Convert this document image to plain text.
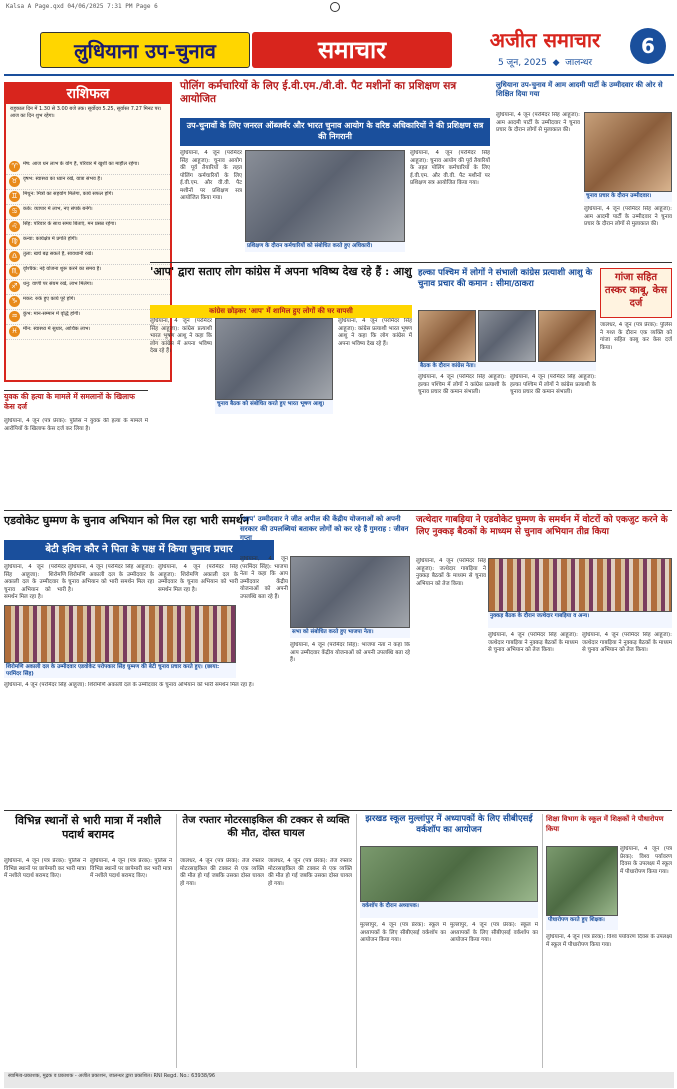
Kalsa A Page.qxd 04/06/2025 7:31 PM Page 6
लुधियाना उप-चुनाव	समाचार	अजीत समाचार
5 जून, 2025  ◆  जालन्धर
6
राशिफल
राहुकाल दिन में 1.30 से 3.00 बजे तक। सूर्योदय 5.25, सूर्यास्त 7.27 मिनट पर। आज का दिन शुभ रहेगा।
♈	मेष: आज धन लाभ के योग हैं, परिवार में खुशी का माहौल रहेगा।
♉	वृषभ: स्वास्थ्य का ध्यान रखें, यात्रा संभव है।
♊	मिथुन: मित्रों का सहयोग मिलेगा, कार्य सफल होंगे।
♋	कर्क: व्यापार में लाभ, नए संपर्क बनेंगे।
♌	सिंह: परिवार के साथ समय बिताएं, मन प्रसन्न रहेगा।
♍	कन्या: कार्यक्षेत्र में प्रगति होगी।
♎	तुला: खर्च बढ़ सकते हैं, सावधानी रखें।
♏	वृश्चिक: नई योजना शुरू करने का समय है।
♐	धनु: वाणी पर संयम रखें, लाभ मिलेगा।
♑	मकर: रुके हुए कार्य पूरे होंगे।
♒	कुंभ: मान-सम्मान में वृद्धि होगी।
♓	मीन: स्वास्थ्य में सुधार, आर्थिक लाभ।
पोलिंग कर्मचारियों के लिए ई.वी.एम./वी.वी. पैट मशीनों का प्रशिक्षण सत्र आयोजित
उप-चुनावों के लिए जनरल ऑब्जर्वर और भारत चुनाव आयोग के वरिष्ठ अधिकारियों ने की प्रशिक्षण सत्र की निगरानी
लुधियाना, 4 जून (परमिंदर सिंह आहूजा): चुनाव आयोग की पूर्व तैयारियों के तहत पोलिंग कर्मचारियों के लिए ई.वी.एम. और वी.वी. पैट मशीनों पर प्रशिक्षण सत्र आयोजित किया गया।
प्रशिक्षण के दौरान कर्मचारियों को संबोधित करते हुए अधिकारी।
लुधियाना, 4 जून (परमिंदर सिंह आहूजा): चुनाव आयोग की पूर्व तैयारियों के तहत पोलिंग कर्मचारियों के लिए ई.वी.एम. और वी.वी. पैट मशीनों पर प्रशिक्षण सत्र आयोजित किया गया।
लुधियाना उप-चुनाव में आम आदमी पार्टी के उम्मीदवार की ओर से शिक्षित दिया गया
लुधियाना, 4 जून (परमिंदर सिंह आहूजा): आम आदमी पार्टी के उम्मीदवार ने चुनाव प्रचार के दौरान लोगों से मुलाकात की।
चुनाव प्रचार के दौरान उम्मीदवार।
लुधियाना, 4 जून (परमिंदर सिंह आहूजा): आम आदमी पार्टी के उम्मीदवार ने चुनाव प्रचार के दौरान लोगों से मुलाकात की।
'आप' द्वारा सताए लोग कांग्रेस में अपना भविष्य देख रहे हैं : आशु
कांग्रेस छोड़कर 'आप' में शामिल हुए लोगों की घर वापसी
लुधियाना, 4 जून (परमिंदर सिंह आहूजा): कांग्रेस प्रत्याशी भारत भूषण आशु ने कहा कि लोग कांग्रेस में अपना भविष्य देख रहे हैं।
चुनाव बैठक को संबोधित करते हुए भारत भूषण आशु।
लुधियाना, 4 जून (परमिंदर सिंह आहूजा): कांग्रेस प्रत्याशी भारत भूषण आशु ने कहा कि लोग कांग्रेस में अपना भविष्य देख रहे हैं।
हल्का पश्चिम में लोगों ने संभाली कांग्रेस प्रत्याशी आशु के चुनाव प्रचार की कमान : सीमा/ठाकरा
बैठक के दौरान कांग्रेस नेता।
लुधियाना, 4 जून (परमिंदर सिंह आहूजा): हल्का पश्चिम में लोगों ने कांग्रेस प्रत्याशी के चुनाव प्रचार की कमान संभाली।
लुधियाना, 4 जून (परमिंदर सिंह आहूजा): हल्का पश्चिम में लोगों ने कांग्रेस प्रत्याशी के चुनाव प्रचार की कमान संभाली।
गांजा सहित तस्कर काबू, केस दर्ज
जालंधर, 4 जून (पत्र प्रेरक): पुलिस ने गश्त के दौरान एक व्यक्ति को गांजा सहित काबू कर केस दर्ज किया।
युवक की हत्या के मामले में समलानों के खिलाफ केस दर्ज
लुधियाना, 4 जून (पत्र प्रेरक): पुलिस ने युवक की हत्या के मामले में आरोपियों के खिलाफ केस दर्ज कर लिया है।
एडवोकेट घुम्मण के चुनाव अभियान को मिल रहा भारी समर्थन
बेटी इविन कौर ने पिता के पक्ष में किया चुनाव प्रचार
लुधियाना, 4 जून (परमिंदर सिंह आहूजा): शिरोमणि अकाली दल के उम्मीदवार के चुनाव अभियान को भारी समर्थन मिल रहा है।
शिरोमणि अकाली दल के उम्मीदवार एडवोकेट परोपकार सिंह घुम्मण की बेटी चुनाव प्रचार करते हुए। (छाया: परमिंदर सिंह)
लुधियाना, 4 जून (परमिंदर सिंह आहूजा): शिरोमणि अकाली दल के उम्मीदवार के चुनाव अभियान को भारी समर्थन मिल रहा है।
लुधियाना, 4 जून (परमिंदर सिंह आहूजा): शिरोमणि अकाली दल के उम्मीदवार के चुनाव अभियान को भारी समर्थन मिल रहा है।
लुधियाना, 4 जून (परमिंदर सिंह आहूजा): शिरोमणि अकाली दल के उम्मीदवार के चुनाव अभियान को भारी समर्थन मिल रहा है।
'आप' उम्मीदवार ने जीत अपील की केंद्रीय योजनाओं को अपनी सरकार की उपलब्धियां बताकर लोगों को कर रहे हैं गुमराह : जीवन गुप्ता
सभा को संबोधित करते हुए भाजपा नेता।
लुधियाना, 4 जून (परमिंदर सिंह): भाजपा नेता ने कहा कि आप उम्मीदवार केंद्रीय योजनाओं को अपनी उपलब्धि बता रहे हैं।
लुधियाना, 4 जून (परमिंदर सिंह): भाजपा नेता ने कहा कि आप उम्मीदवार केंद्रीय योजनाओं को अपनी उपलब्धि बता रहे हैं।
जत्थेदार गाबड़िया ने एडवोकेट घुम्मण के समर्थन में वोटरों को एकजुट करने के लिए नुक्कड़ बैठकों के माध्यम से चुनाव अभियान तीव्र किया
लुधियाना, 4 जून (परमिंदर सिंह आहूजा): जत्थेदार गाबड़िया ने नुक्कड़ बैठकों के माध्यम से चुनाव अभियान को तेज किया।
नुक्कड़ बैठक के दौरान जत्थेदार गाबड़िया व अन्य।
लुधियाना, 4 जून (परमिंदर सिंह आहूजा): जत्थेदार गाबड़िया ने नुक्कड़ बैठकों के माध्यम से चुनाव अभियान को तेज किया।
लुधियाना, 4 जून (परमिंदर सिंह आहूजा): जत्थेदार गाबड़िया ने नुक्कड़ बैठकों के माध्यम से चुनाव अभियान को तेज किया।
विभिन्न स्थानों से भारी मात्रा में नशीले पदार्थ बरामद
लुधियाना, 4 जून (पत्र प्रेरक): पुलिस ने विभिन्न स्थानों पर छापेमारी कर भारी मात्रा में नशीले पदार्थ बरामद किए।
लुधियाना, 4 जून (पत्र प्रेरक): पुलिस ने विभिन्न स्थानों पर छापेमारी कर भारी मात्रा में नशीले पदार्थ बरामद किए।
तेज रफ्तार मोटरसाइकिल की टक्कर से व्यक्ति की मौत, दोस्त घायल
जालंधर, 4 जून (पत्र प्रेरक): तेज रफ्तार मोटरसाइकिल की टक्कर से एक व्यक्ति की मौत हो गई जबकि उसका दोस्त घायल हो गया।
जालंधर, 4 जून (पत्र प्रेरक): तेज रफ्तार मोटरसाइकिल की टक्कर से एक व्यक्ति की मौत हो गई जबकि उसका दोस्त घायल हो गया।
झरखड स्कूल मुल्लांपुर में अध्यापकों के लिए सीबीएसई वर्कशॉप का आयोजन
वर्कशॉप के दौरान अध्यापक।
मुल्लांपुर, 4 जून (पत्र प्रेरक): स्कूल में अध्यापकों के लिए सीबीएसई वर्कशॉप का आयोजन किया गया।
मुल्लांपुर, 4 जून (पत्र प्रेरक): स्कूल में अध्यापकों के लिए सीबीएसई वर्कशॉप का आयोजन किया गया।
शिक्षा विभाग के स्कूल में शिक्षकों ने पौधारोपण किया
पौधारोपण करते हुए शिक्षक।
लुधियाना, 4 जून (पत्र प्रेरक): विश्व पर्यावरण दिवस के उपलक्ष्य में स्कूल में पौधारोपण किया गया।
लुधियाना, 4 जून (पत्र प्रेरक): विश्व पर्यावरण दिवस के उपलक्ष्य में स्कूल में पौधारोपण किया गया।
स्वामित्व-प्रकाशक, मुद्रक व प्रकाशक - अजीत प्रकाशन, जालन्धर द्वारा प्रकाशित। RNI Regd. No.: 63938/96
